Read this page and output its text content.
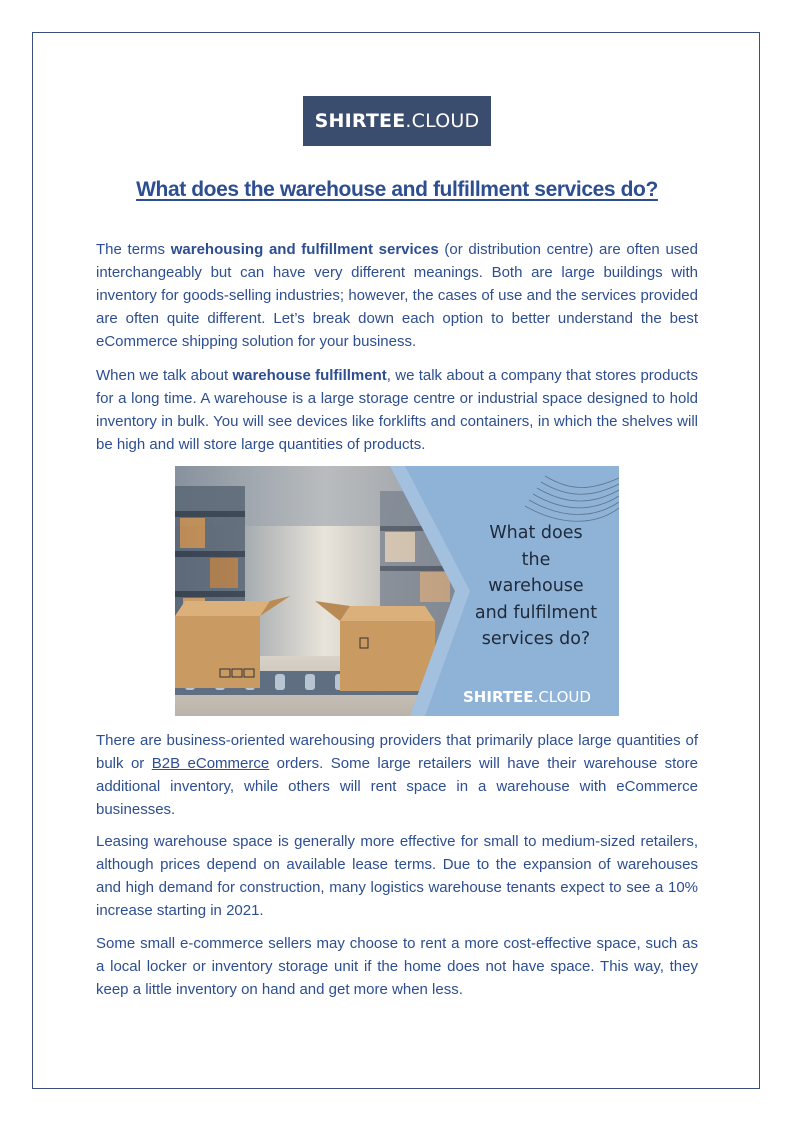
SHIRTEE .CLOUD
What does the warehouse and fulfillment services do?

The terms warehousing and fulfillment services (or distribution centre) are often used interchangeably but can have very different meanings. Both are large buildings with inventory for goods-selling industries; however, the cases of use and the services provided are often quite different. Let’s break down each option to better understand the best eCommerce shipping solution for your business.

When we talk about warehouse fulfillment, we talk about a company that stores products for a long time. A warehouse is a large storage centre or industrial space designed to hold inventory in bulk. You will see devices like forklifts and containers, in which the shelves will be high and will store large quantities of products.

What does
the
warehouse
and fulfilment
services do?
SHIRTEE.CLOUD

There are business-oriented warehousing providers that primarily place large quantities of bulk or B2B eCommerce orders. Some large retailers will have their warehouse store additional inventory, while others will rent space in a warehouse with eCommerce businesses.

Leasing warehouse space is generally more effective for small to medium-sized retailers, although prices depend on available lease terms. Due to the expansion of warehouses and high demand for construction, many logistics warehouse tenants expect to see a 10% increase starting in 2021.

Some small e-commerce sellers may choose to rent a more cost-effective space, such as a local locker or inventory storage unit if the home does not have space. This way, they keep a little inventory on hand and get more when less.
